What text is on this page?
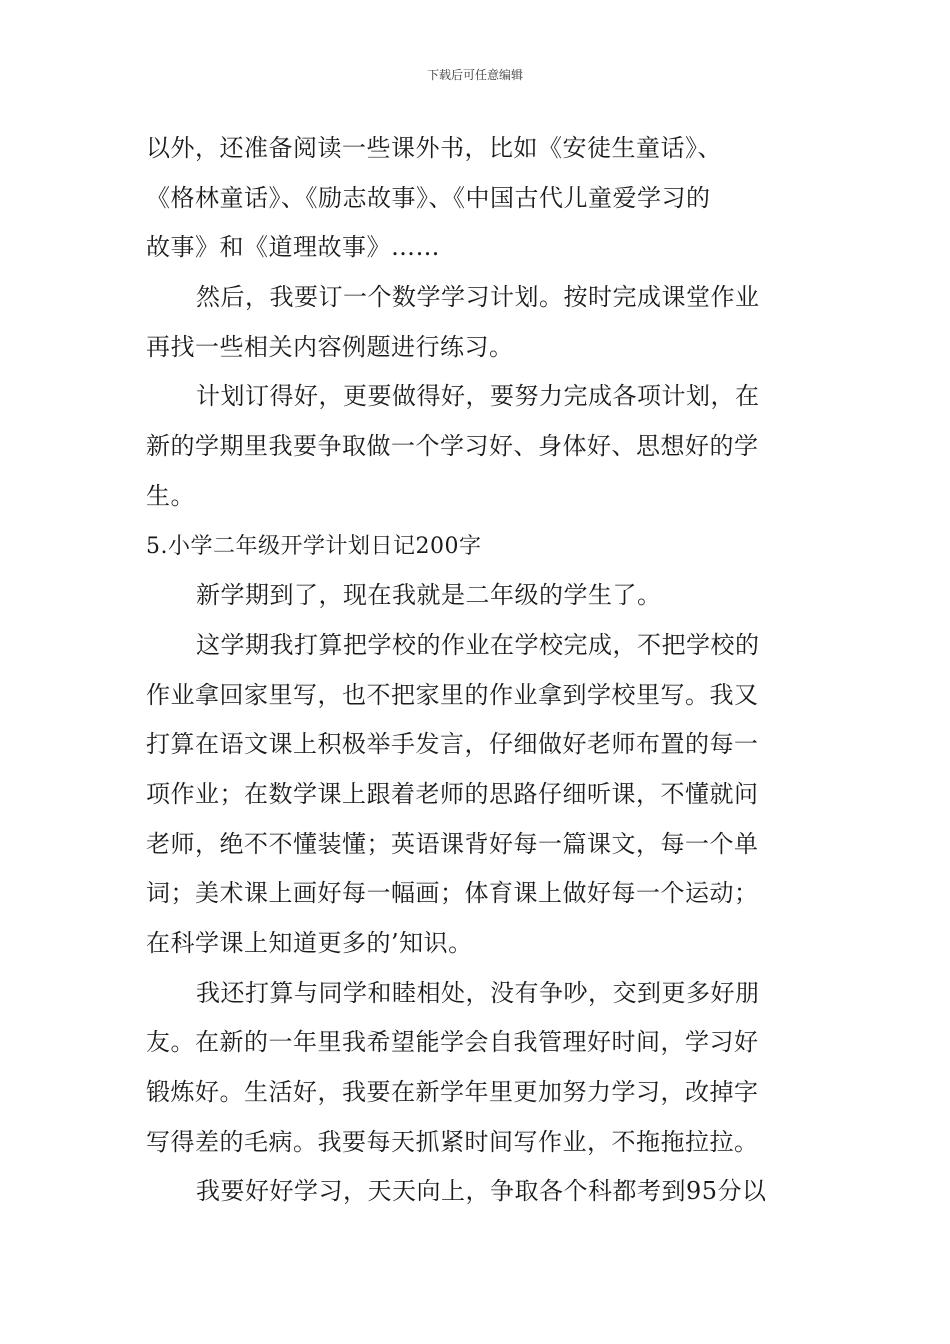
下载后可任意编辑
以外，还准备阅读一些课外书，比如《安徒生童话》、
《格林童话》、《励志故事》、《中国古代儿童爱学习的
故事》和《道理故事》……
然后，我要订一个数学学习计划。按时完成课堂作业
再找一些相关内容例题进行练习。
计划订得好，更要做得好，要努力完成各项计划，在
新的学期里我要争取做一个学习好、身体好、思想好的学
生。
5.小学二年级开学计划日记200字
新学期到了，现在我就是二年级的学生了。
这学期我打算把学校的作业在学校完成，不把学校的
作业拿回家里写，也不把家里的作业拿到学校里写。我又
打算在语文课上积极举手发言，仔细做好老师布置的每一
项作业；在数学课上跟着老师的思路仔细听课，不懂就问
老师，绝不不懂装懂；英语课背好每一篇课文，每一个单
词；美术课上画好每一幅画；体育课上做好每一个运动；
在科学课上知道更多的’知识。
我还打算与同学和睦相处，没有争吵，交到更多好朋
友。在新的一年里我希望能学会自我管理好时间，学习好
锻炼好。生活好，我要在新学年里更加努力学习，改掉字
写得差的毛病。我要每天抓紧时间写作业，不拖拖拉拉。
我要好好学习，天天向上，争取各个科都考到95分以
